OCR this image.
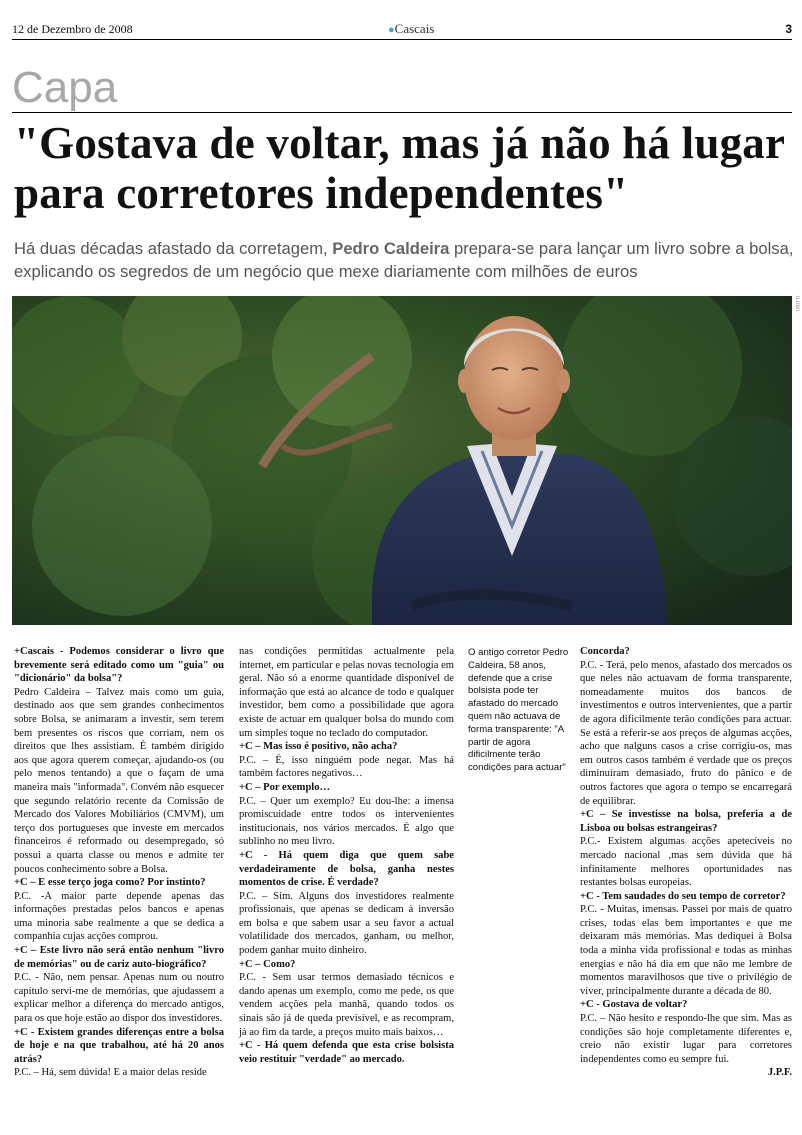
12 de Dezembro de 2008	●Cascais	3
Capa
"Gostava de voltar, mas já não há lugar para corretores independentes"
Há duas décadas afastado da corretagem, Pedro Caldeira prepara-se para lançar um livro sobre a bolsa, explicando os segredos de um negócio que mexe diariamente com milhões de euros
ILIDIO

+Cascais - Podemos considerar o livro que brevemente será editado como um "guia" ou "dicionário" da bolsa"?

Pedro Caldeira – Talvez mais como um guia, destinado aos que sem grandes conhecimentos sobre Bolsa, se animaram a investir, sem terem bem presentes os riscos que corriam, nem os direitos que lhes assistiam. É também dirigido aos que agora querem começar, ajudando-os (ou pelo menos tentando) a que o façam de uma maneira mais "informada". Convém não esquecer que segundo relatório recente da Comissão de Mercado dos Valores Mobiliários (CMVM), um terço dos portugueses que investe em mercados financeiros é reformado ou desempregado, só possui a quarta classe ou menos e admite ter poucos conhecimento sobre a Bolsa.

+C – E esse terço joga como? Por instinto?

P.C. -A maior parte depende apenas das informações prestadas pelos bancos e apenas uma minoria sabe realmente a que se dedica a companhia cujas acções comprou.

+C – Este livro não será então nenhum "livro de memórias" ou de cariz auto-biográfico?

P.C. - Não, nem pensar. Apenas num ou noutro capítulo servi-me de memórias, que ajudassem a explicar melhor a diferença do mercado antigos, para os que hoje estão ao dispor dos investidores.

+C - Existem grandes diferenças entre a bolsa de hoje e na que trabalhou, até há 20 anos atrás?

P.C. – Há, sem dúvida! E a maior delas reside

nas condições permitidas actualmente pela internet, em particular e pelas novas tecnologia em geral. Não só a enorme quantidade disponível de informação que está ao alcance de todo e qualquer investidor, bem como a possibilidade que agora existe de actuar em qualquer bolsa do mundo com um simples toque no teclado do computador.

+C – Mas isso é positivo, não acha?

P.C. – É, isso ninguém pode negar. Mas há também factores negativos…

+C – Por exemplo…

P.C. – Quer um exemplo? Eu dou-lhe: a imensa promiscuidade entre todos os intervenientes institucionais, nos vários mercados. É algo que sublinho no meu livro.

+C - Há quem diga que quem sabe verdadeiramente de bolsa, ganha nestes momentos de crise. É verdade?

P.C. – Sim. Alguns dos investidores realmente profissionais, que apenas se dedicam à inversão em bolsa e que sabem usar a seu favor a actual volatilidade dos mercados, ganham, ou melhor, podem ganhar muito dinheiro.

+C – Como?

P.C. - Sem usar termos demasiado técnicos e dando apenas um exemplo, como me pede, os que vendem acções pela manhã, quando todos os sinais são já de queda previsível, e as recompram, já ao fim da tarde, a preços muito mais baixos…

+C - Há quem defenda que esta crise bolsista veio restituir "verdade" ao mercado.

O antigo corretor Pedro Caldeira, 58 anos, defende que a crise bolsista pode ter afastado do mercado quem não actuava de forma transparente: "A partir de agora dificilmente terão condições para actuar"

Concorda?

P.C. - Terá, pelo menos, afastado dos mercados os que neles não actuavam de forma transparente, nomeadamente muitos dos bancos de investimentos e outros intervenientes, que a partir de agora dificilmente terão condições para actuar. Se está a referir-se aos preços de algumas acções, acho que nalguns casos a crise corrigiu-os, mas em outros casos também é verdade que os preços diminuíram demasiado, fruto do pânico e de outros factores que agora o tempo se encarregará de equilibrar.

+C – Se investisse na bolsa, preferia a de Lisboa ou bolsas estrangeiras?

P.C.- Existem algumas acções apetecíveis no mercado nacional ,mas sem dúvida que há infinitamente melhores oportunidades nas restantes bolsas europeias.

+C - Tem saudades do seu tempo de corretor?

P.C. - Muitas, imensas. Passei por mais de quatro crises, todas elas bem importantes e que me deixaram más memórias. Mas dediquei à Bolsa toda a minha vida profissional e todas as minhas energias e não há dia em que não me lembre de momentos maravilhosos que tive o privilégio de viver, principalmente durante a década de 80.

+C - Gostava de voltar?

P.C. – Não hesito e respondo-lhe que sim. Mas as condições são hoje completamente diferentes e, creio não existir lugar para corretores independentes como eu sempre fui.

J.P.F.
